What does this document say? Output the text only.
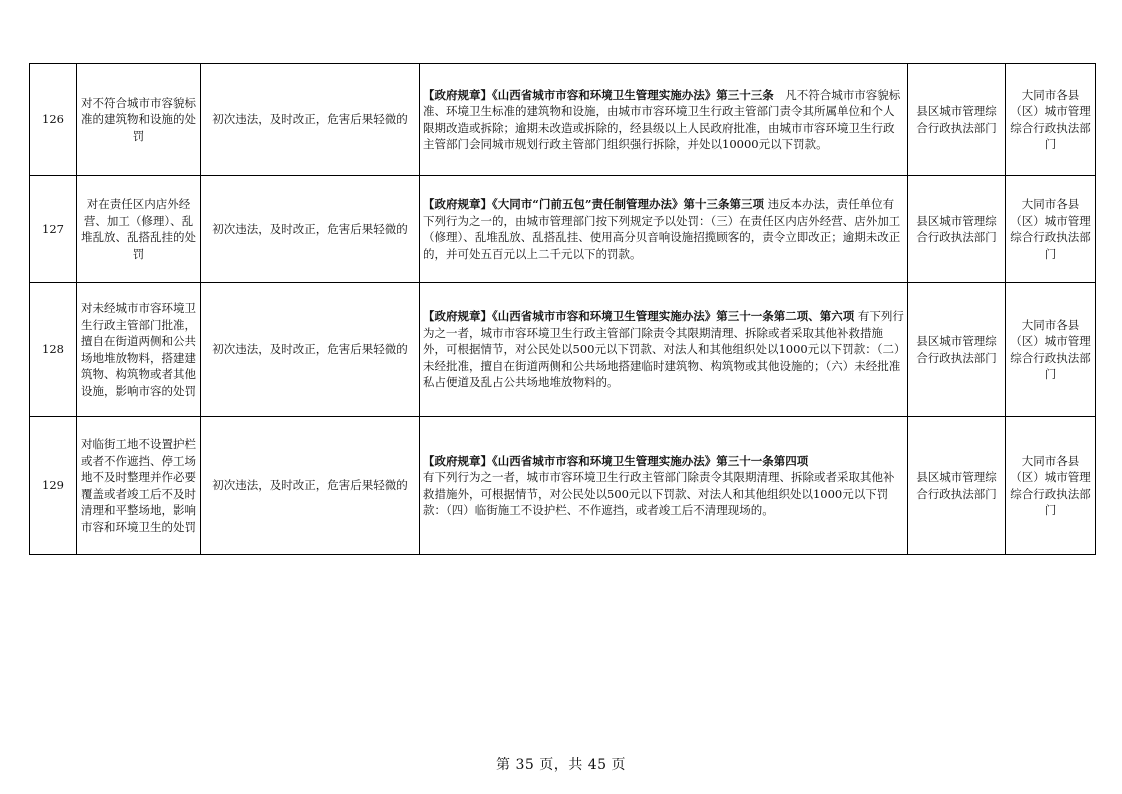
126	对不符合城市市容貌标准的建筑物和设施的处罚	初次违法，及时改正，危害后果轻微的	【政府规章】《山西省城市市容和环境卫生管理实施办法》第三十三条　凡不符合城市市容貌标准、环境卫生标准的建筑物和设施，由城市市容环境卫生行政主管部门责令其所属单位和个人限期改造或拆除；逾期未改造或拆除的，经县级以上人民政府批准，由城市市容环境卫生行政主管部门会同城市规划行政主管部门组织强行拆除，并处以10000元以下罚款。	县区城市管理综合行政执法部门	大同市各县（区）城市管理综合行政执法部门
127	对在责任区内店外经营、加工（修理）、乱堆乱放、乱搭乱挂的处罚	初次违法，及时改正，危害后果轻微的	【政府规章】《大同市“门前五包”责任制管理办法》第十三条第三项 违反本办法，责任单位有下列行为之一的，由城市管理部门按下列规定予以处罚：（三）在责任区内店外经营、店外加工（修理）、乱堆乱放、乱搭乱挂、使用高分贝音响设施招揽顾客的，责令立即改正；逾期未改正的，并可处五百元以上二千元以下的罚款。	县区城市管理综合行政执法部门	大同市各县（区）城市管理综合行政执法部门
128	对未经城市市容环境卫生行政主管部门批准，擅自在街道两侧和公共场地堆放物料，搭建建筑物、构筑物或者其他设施，影响市容的处罚	初次违法，及时改正，危害后果轻微的	【政府规章】《山西省城市市容和环境卫生管理实施办法》第三十一条第二项、第六项 有下列行为之一者，城市市容环境卫生行政主管部门除责令其限期清理、拆除或者采取其他补救措施外，可根据情节，对公民处以500元以下罚款、对法人和其他组织处以1000元以下罚款：（二）未经批准，擅自在街道两侧和公共场地搭建临时建筑物、构筑物或其他设施的；（六）未经批准私占便道及乱占公共场地堆放物料的。	县区城市管理综合行政执法部门	大同市各县（区）城市管理综合行政执法部门
129	对临街工地不设置护栏或者不作遮挡、停工场地不及时整理并作必要覆盖或者竣工后不及时清理和平整场地，影响市容和环境卫生的处罚	初次违法，及时改正，危害后果轻微的	【政府规章】《山西省城市市容和环境卫生管理实施办法》第三十一条第四项
有下列行为之一者，城市市容环境卫生行政主管部门除责令其限期清理、拆除或者采取其他补救措施外，可根据情节，对公民处以500元以下罚款、对法人和其他组织处以1000元以下罚款：（四）临街施工不设护栏、不作遮挡，或者竣工后不清理现场的。	县区城市管理综合行政执法部门	大同市各县（区）城市管理综合行政执法部门
第 35 页，共 45 页
